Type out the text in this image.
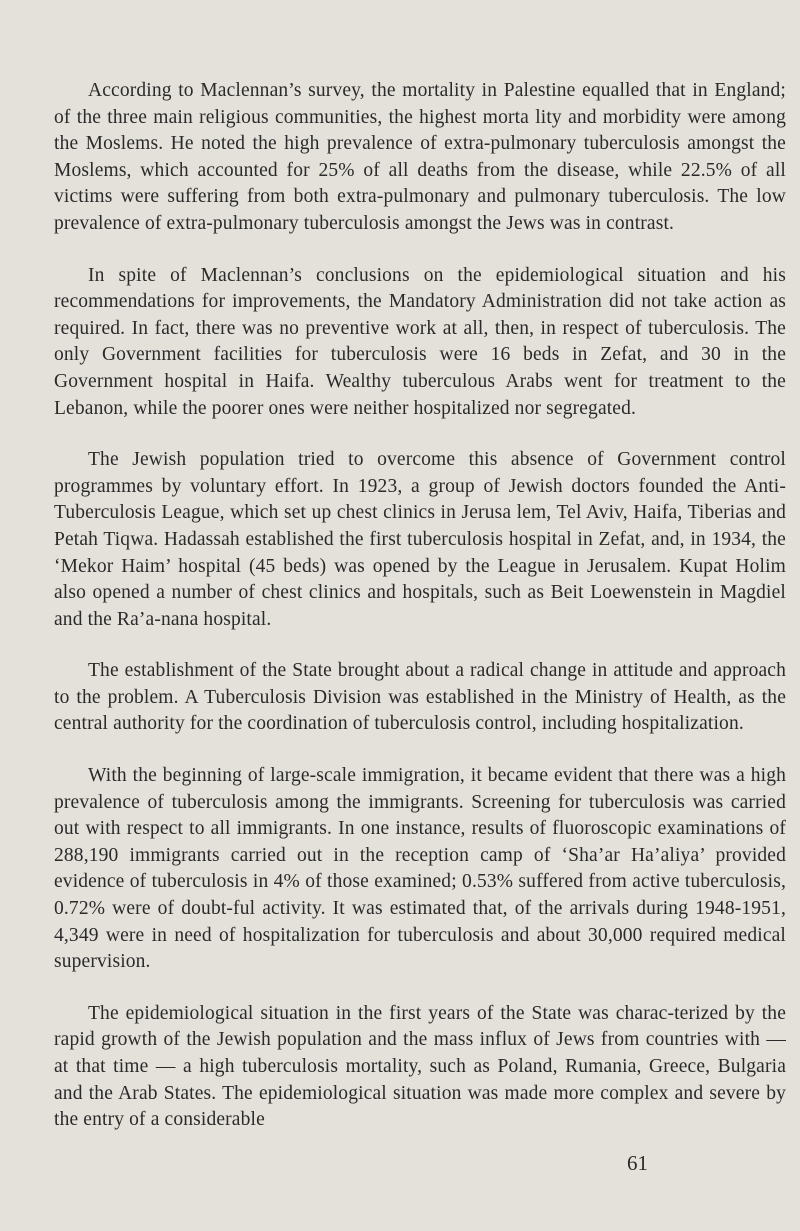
According to Maclennan’s survey, the mortality in Palestine equalled that in England; of the three main religious communities, the highest morta lity and morbidity were among the Moslems. He noted the high prevalence of extra-pulmonary tuberculosis amongst the Moslems, which accounted for 25% of all deaths from the disease, while 22.5% of all victims were suffering from both extra-pulmonary and pulmonary tuberculosis. The low prevalence of extra-pulmonary tuberculosis amongst the Jews was in contrast.

In spite of Maclennan’s conclusions on the epidemiological situation and his recommendations for improvements, the Mandatory Administration did not take action as required. In fact, there was no preventive work at all, then, in respect of tuberculosis. The only Government facilities for tuberculosis were 16 beds in Zefat, and 30 in the Government hospital in Haifa. Wealthy tuberculous Arabs went for treatment to the Lebanon, while the poorer ones were neither hospitalized nor segregated.

The Jewish population tried to overcome this absence of Government control programmes by voluntary effort. In 1923, a group of Jewish doctors founded the Anti-Tuberculosis League, which set up chest clinics in Jerusa lem, Tel Aviv, Haifa, Tiberias and Petah Tiqwa. Hadassah established the first tuberculosis hospital in Zefat, and, in 1934, the ‘Mekor Haim’ hospital (45 beds) was opened by the League in Jerusalem. Kupat Holim also opened a number of chest clinics and hospitals, such as Beit Loewenstein in Magdiel and the Ra’a-nana hospital.

The establishment of the State brought about a radical change in attitude and approach to the problem. A Tuberculosis Division was established in the Ministry of Health, as the central authority for the coordination of tuberculosis control, including hospitalization.

With the beginning of large-scale immigration, it became evident that there was a high prevalence of tuberculosis among the immigrants. Screening for tuberculosis was carried out with respect to all immigrants. In one instance, results of fluoroscopic examinations of 288,190 immigrants carried out in the reception camp of ‘Sha’ar Ha’aliya’ provided evidence of tuberculosis in 4% of those examined; 0.53% suffered from active tuberculosis, 0.72% were of doubt-ful activity. It was estimated that, of the arrivals during 1948-1951, 4,349 were in need of hospitalization for tuberculosis and about 30,000 required medical supervision.

The epidemiological situation in the first years of the State was charac-terized by the rapid growth of the Jewish population and the mass influx of Jews from countries with — at that time — a high tuberculosis mortality, such as Poland, Rumania, Greece, Bulgaria and the Arab States. The epidemiological situation was made more complex and severe by the entry of a considerable

61
